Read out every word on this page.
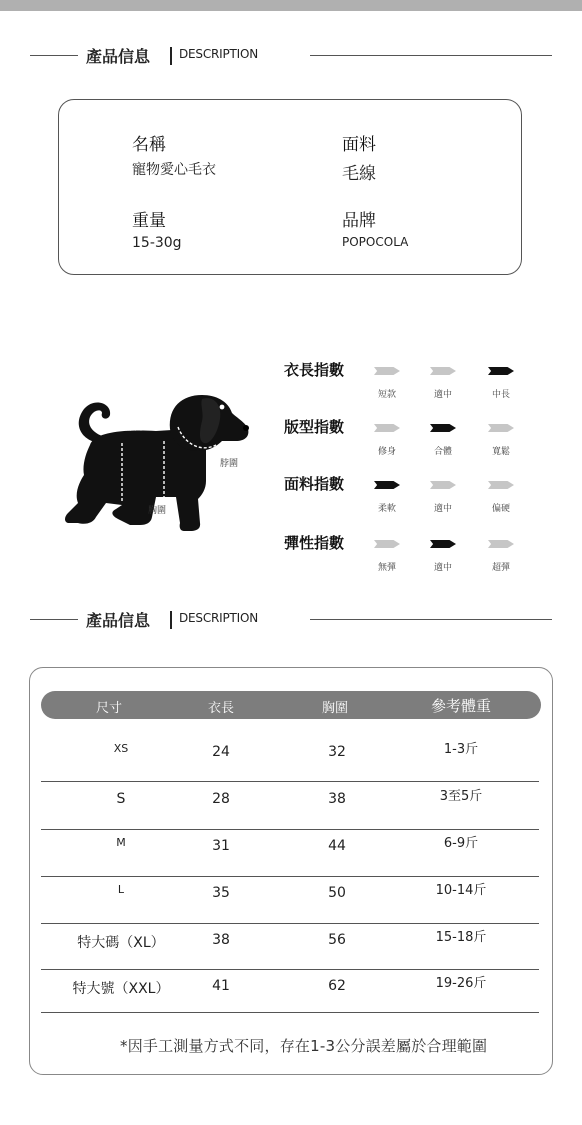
產品信息 DESCRIPTION
名稱
寵物愛心毛衣
面料
毛線
重量
15-30g
品牌
POPOCOLA
背長
脖圍
胸圍
衣長指數
短款	適中	中長
版型指數
修身	合體	寬鬆
面料指數
柔軟	適中	偏硬
彈性指數
無彈	適中	超彈
產品信息 DESCRIPTION
尺寸	衣長	胸圍	參考體重
XS	24	32	1-3斤
S	28	38	3至5斤
M	31	44	6-9斤
L	35	50	10-14斤
特大碼（XL）	38	56	15-18斤
特大號（XXL）	41	62	19-26斤
*因手工測量方式不同，存在1-3公分誤差屬於合理範圍
